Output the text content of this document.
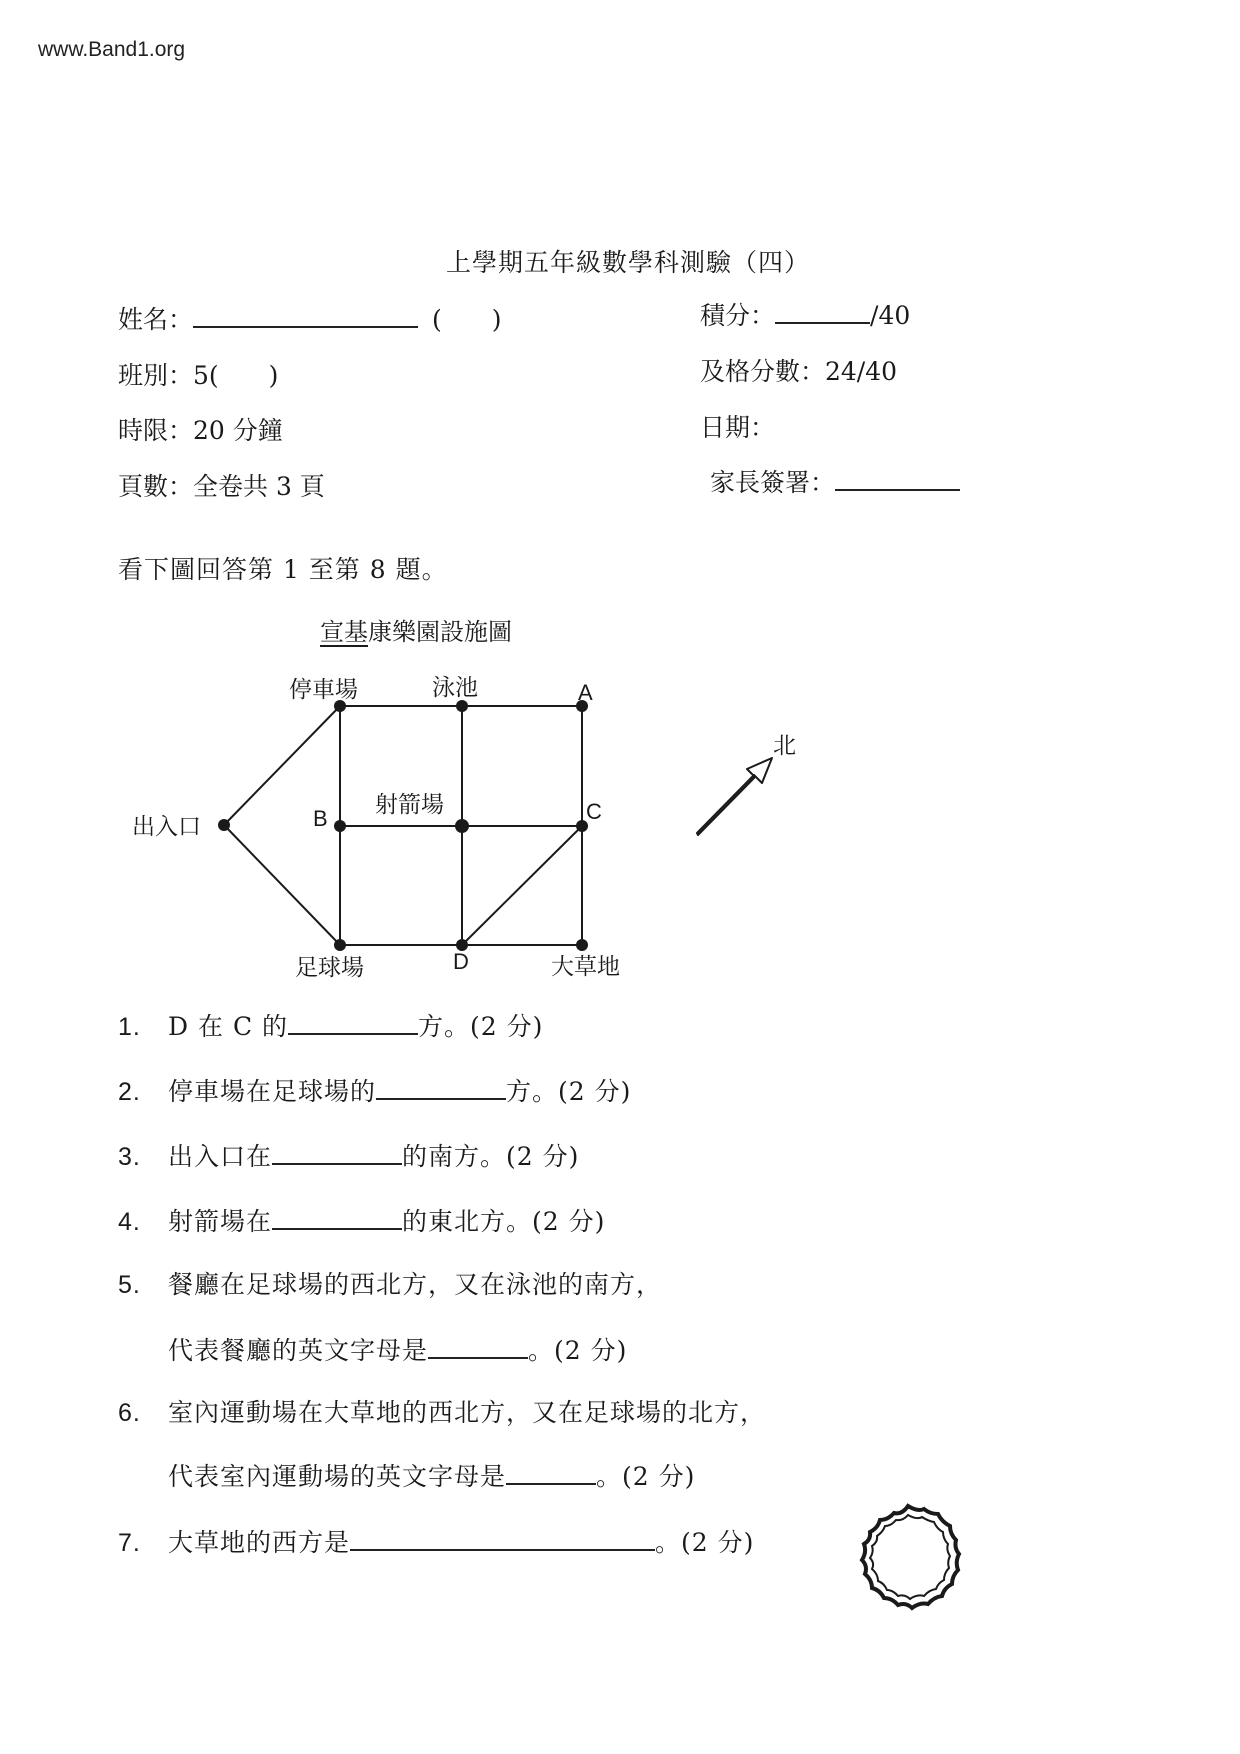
www.Band1.org
上學期五年級數學科測驗（四）
姓名：	(　　)
班別：5(　　)
時限：20 分鐘
頁數：全卷共 3 頁
積分：	/40
及格分數：24/40
日期：
家長簽署：
看下圖回答第 1 至第 8 題。
宣基康樂園設施圖
停車場	泳池	A
出入口	B
射箭場	C
足球場	D	大草地
北
1. D 在 C 的	方。(2 分)
2. 停車場在足球場的	方。(2 分)
3. 出入口在	的南方。(2 分)
4. 射箭場在	的東北方。(2 分)
5. 餐廳在足球場的西北方，又在泳池的南方，
代表餐廳的英文字母是	。(2 分)
6. 室內運動場在大草地的西北方，又在足球場的北方，
代表室內運動場的英文字母是	。(2 分)
7. 大草地的西方是	。(2 分)
